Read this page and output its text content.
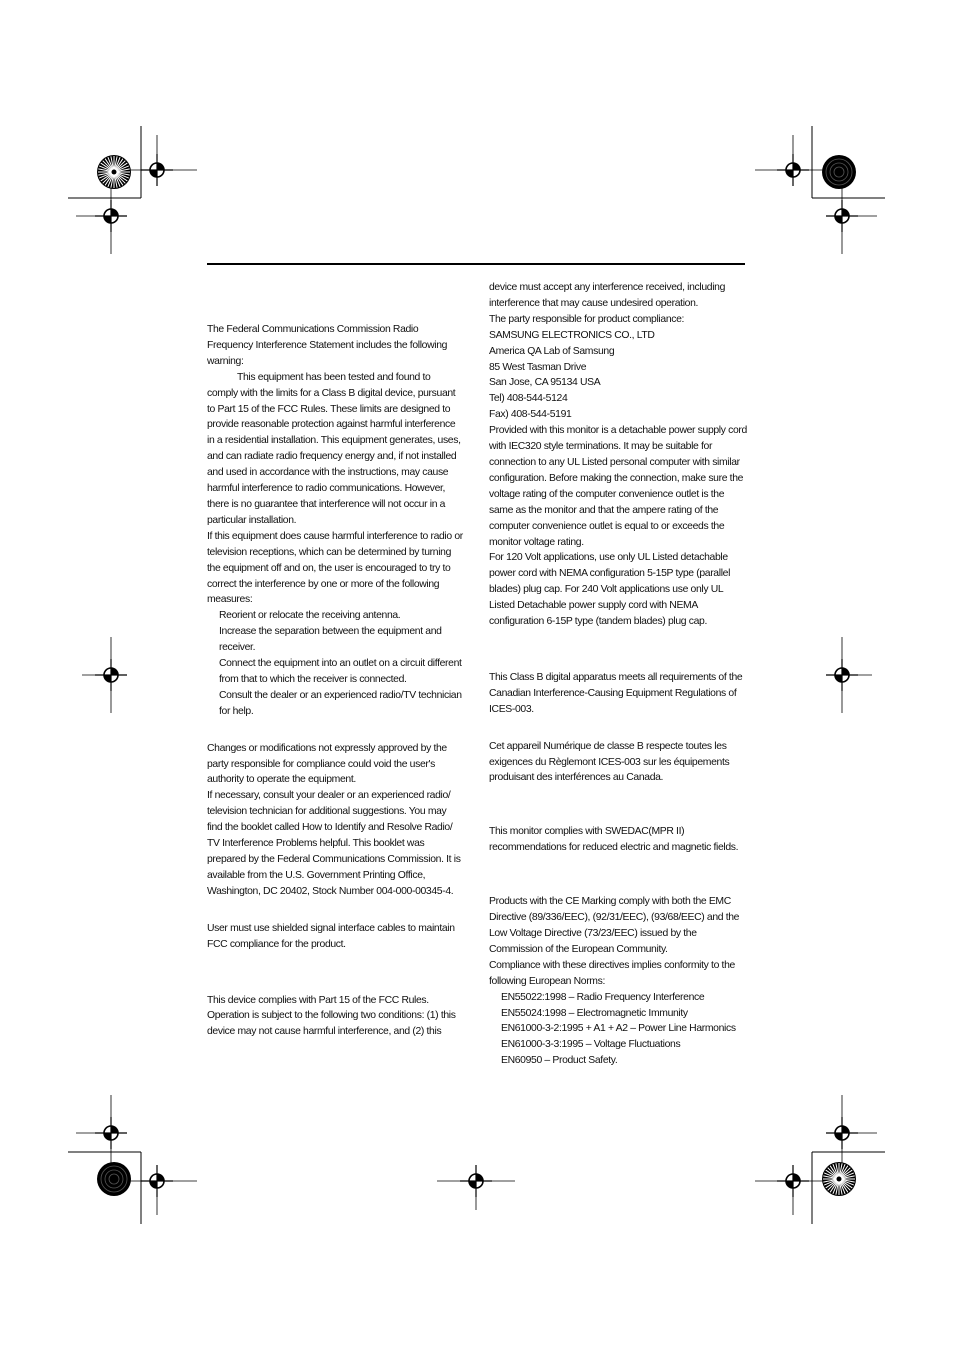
The Federal Communications Commission Radio Frequency Interference Statement includes the following warning:

This equipment has been tested and found to comply with the limits for a Class B digital device, pursuant to Part 15 of the FCC Rules. These limits are designed to provide reasonable protection against harmful interference in a residential installation. This equipment generates, uses, and can radiate radio frequency energy and, if not installed and used in accordance with the instructions, may cause harmful interference to radio communications. However, there is no guarantee that interference will not occur in a particular installation.

If this equipment does cause harmful interference to radio or television receptions, which can be determined by turning the equipment off and on, the user is encouraged to try to correct the interference by one or more of the following measures:

Reorient or relocate the receiving antenna.

Increase the separation between the equipment and receiver.

Connect the equipment into an outlet on a circuit different from that to which the receiver is connected.

Consult the dealer or an experienced radio/TV technician for help.

Changes or modifications not expressly approved by the party responsible for compliance could void the user's authority to operate the equipment.

If necessary, consult your dealer or an experienced radio/ television technician for additional suggestions. You may find the booklet called How to Identify and Resolve Radio/ TV Interference Problems helpful. This booklet was prepared by the Federal Communications Commission. It is available from the U.S. Government Printing Office, Washington, DC 20402, Stock Number 004-000-00345-4.

User must use shielded signal interface cables to maintain FCC compliance for the product.

This device complies with Part 15 of the FCC Rules. Operation is subject to the following two conditions: (1) this device may not cause harmful interference, and (2) this

device must accept any interference received, including interference that may cause undesired operation.

The party responsible for product compliance:

SAMSUNG ELECTRONICS CO., LTD

America QA Lab of Samsung

85 West Tasman Drive

San Jose, CA 95134 USA

Tel) 408-544-5124

Fax) 408-544-5191

Provided with this monitor is a detachable power supply cord with IEC320 style terminations. It may be suitable for connection to any UL Listed personal computer with similar configuration. Before making the connection, make sure the voltage rating of the computer convenience outlet is the same as the monitor and that the ampere rating of the computer convenience outlet is equal to or exceeds the monitor voltage rating.

For 120 Volt applications, use only UL Listed detachable power cord with NEMA configuration 5-15P type (parallel blades) plug cap. For 240 Volt applications use only UL Listed Detachable power supply cord with NEMA configuration 6-15P type (tandem blades) plug cap.

This Class B digital apparatus meets all requirements of the Canadian Interference-Causing Equipment Regulations of ICES-003.

Cet appareil Numérique de classe B respecte toutes les exigences du Règlemont ICES-003 sur les équipements produisant des interférences au Canada.

This monitor complies with SWEDAC(MPR II) recommendations for reduced electric and magnetic fields.

Products with the CE Marking comply with both the EMC Directive (89/336/EEC), (92/31/EEC), (93/68/EEC) and the Low Voltage Directive (73/23/EEC) issued by the Commission of the European Community.

Compliance with these directives implies conformity to the following European Norms:

EN55022:1998 – Radio Frequency Interference

EN55024:1998 – Electromagnetic Immunity

EN61000-3-2:1995 + A1 + A2 – Power Line Harmonics

EN61000-3-3:1995 – Voltage Fluctuations

EN60950 – Product Safety.
